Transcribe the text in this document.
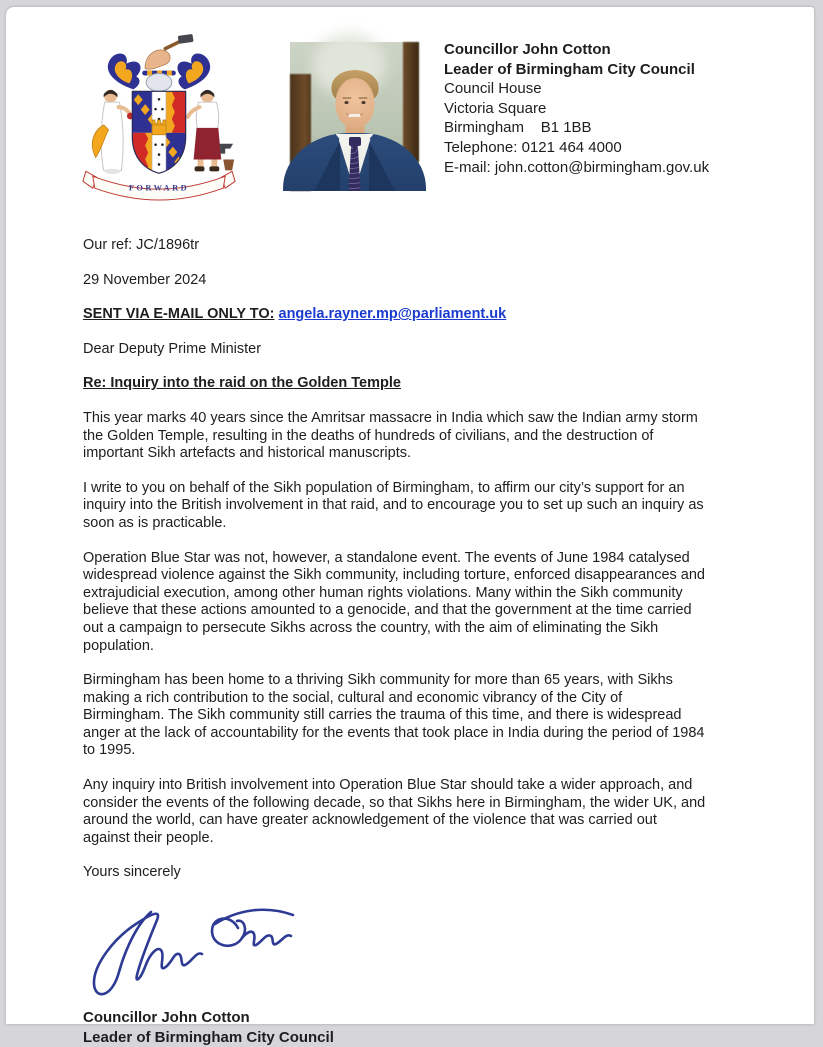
FORWARD
Councillor John Cotton
Leader of Birmingham City Council
Council House
Victoria Square
Birmingham    B1 1BB
Telephone: 0121 464 4000
E-mail: john.cotton@birmingham.gov.uk

Our ref: JC/1896tr

29 November 2024

SENT VIA E-MAIL ONLY TO: angela.rayner.mp@parliament.uk

Dear Deputy Prime Minister

Re: Inquiry into the raid on the Golden Temple

This year marks 40 years since the Amritsar massacre in India which saw the Indian army storm the Golden Temple, resulting in the deaths of hundreds of civilians, and the destruction of important Sikh artefacts and historical manuscripts.

I write to you on behalf of the Sikh population of Birmingham, to affirm our city’s support for an inquiry into the British involvement in that raid, and to encourage you to set up such an inquiry as soon as is practicable.

Operation Blue Star was not, however, a standalone event. The events of June 1984 catalysed widespread violence against the Sikh community, including torture, enforced disappearances and extrajudicial execution, among other human rights violations. Many within the Sikh community believe that these actions amounted to a genocide, and that the government at the time carried out a campaign to persecute Sikhs across the country, with the aim of eliminating the Sikh population.

Birmingham has been home to a thriving Sikh community for more than 65 years, with Sikhs making a rich contribution to the social, cultural and economic vibrancy of the City of Birmingham. The Sikh community still carries the trauma of this time, and there is widespread anger at the lack of accountability for the events that took place in India during the period of 1984 to 1995.

Any inquiry into British involvement into Operation Blue Star should take a wider approach, and consider the events of the following decade, so that Sikhs here in Birmingham, the wider UK, and around the world, can have greater acknowledgement of the violence that was carried out against their people.

Yours sincerely

Councillor John Cotton
Leader of Birmingham City Council
